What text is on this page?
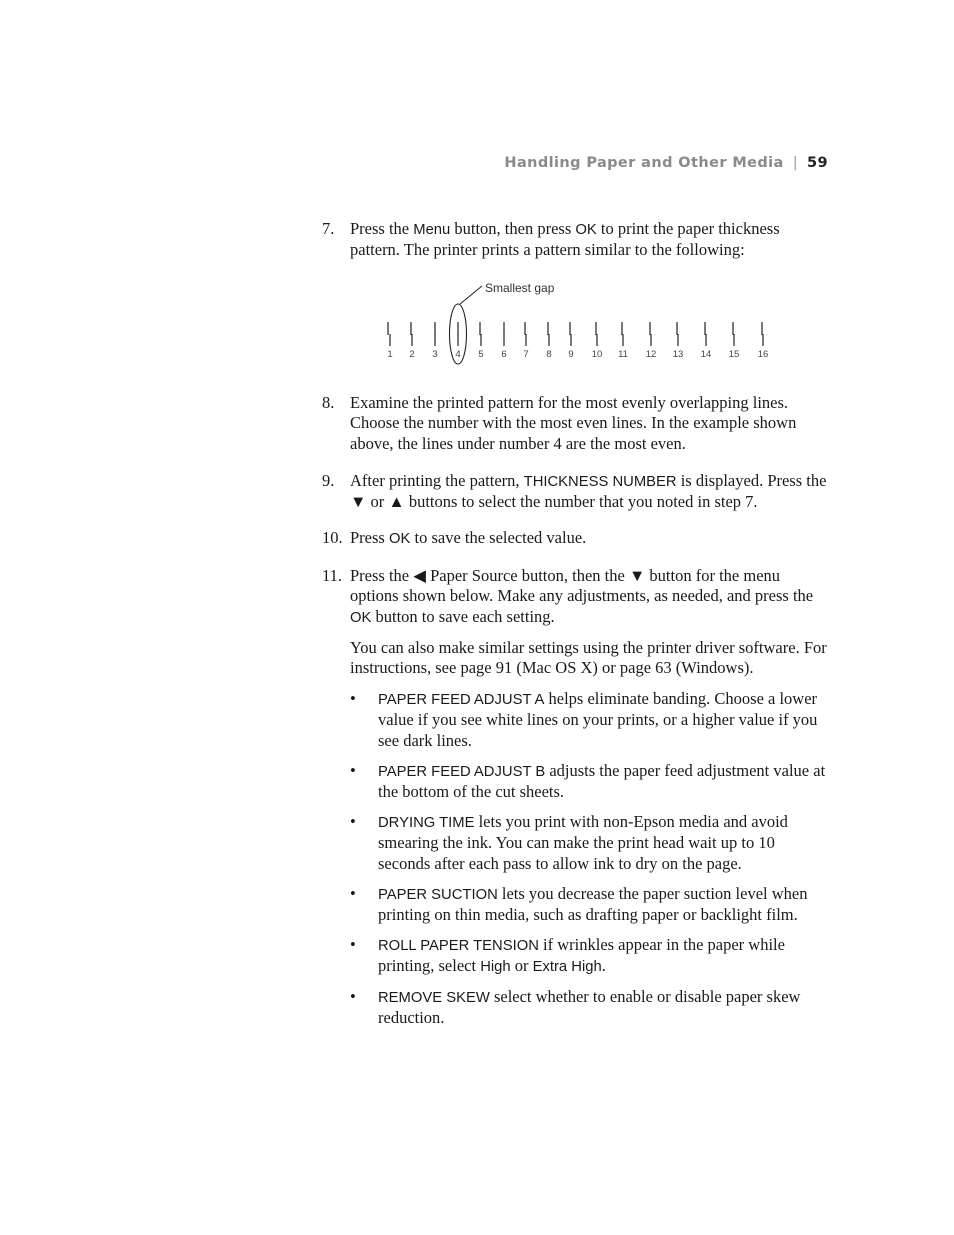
Handling Paper and Other Media | 59
7. Press the Menu button, then press OK to print the paper thickness pattern. The printer prints a pattern similar to the following:
Smallest gap
1 2 3 4 5 6 7 8 9 10 11 12 13 14 15 16
8. Examine the printed pattern for the most evenly overlapping lines. Choose the number with the most even lines. In the example shown above, the lines under number 4 are the most even.
9. After printing the pattern, THICKNESS NUMBER is displayed. Press the ▼ or ▲ buttons to select the number that you noted in step 7.
10. Press OK to save the selected value.
11. Press the ◀ Paper Source button, then the ▼ button for the menu options shown below. Make any adjustments, as needed, and press the OK button to save each setting.
You can also make similar settings using the printer driver software. For instructions, see page 91 (Mac OS X) or page 63 (Windows).
• PAPER FEED ADJUST A helps eliminate banding. Choose a lower value if you see white lines on your prints, or a higher value if you see dark lines.
• PAPER FEED ADJUST B adjusts the paper feed adjustment value at the bottom of the cut sheets.
• DRYING TIME lets you print with non-Epson media and avoid smearing the ink. You can make the print head wait up to 10 seconds after each pass to allow ink to dry on the page.
• PAPER SUCTION lets you decrease the paper suction level when printing on thin media, such as drafting paper or backlight film.
• ROLL PAPER TENSION if wrinkles appear in the paper while printing, select High or Extra High.
• REMOVE SKEW select whether to enable or disable paper skew reduction.
